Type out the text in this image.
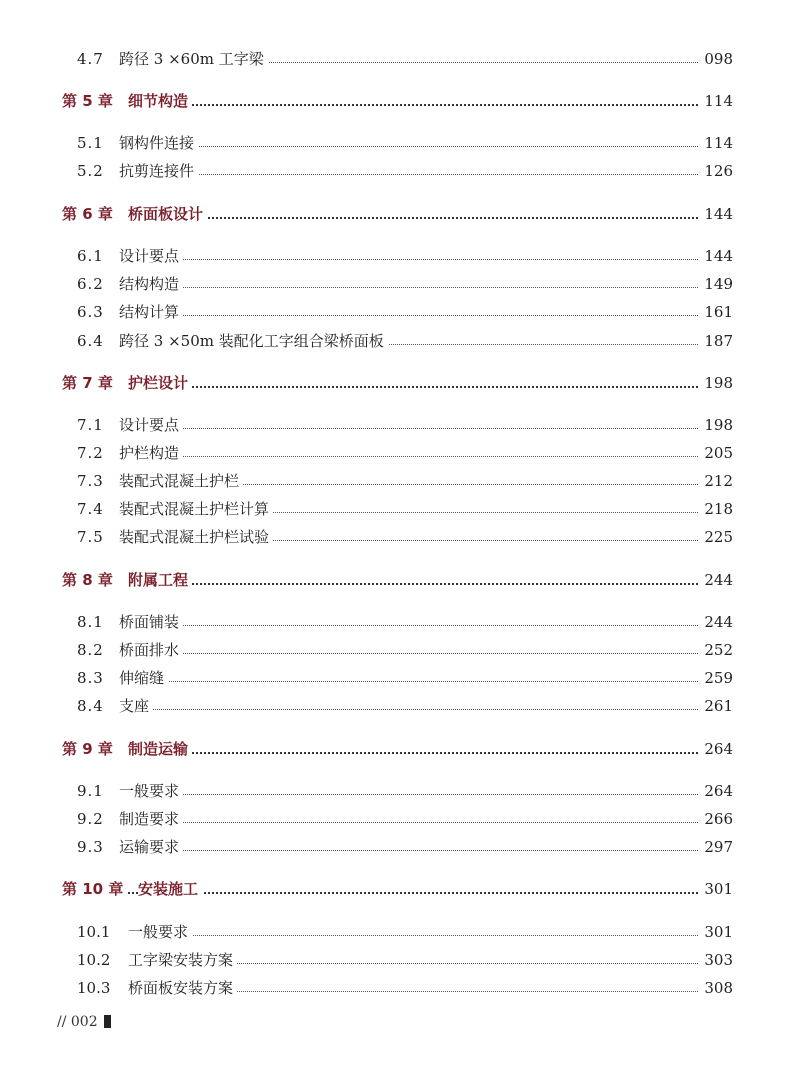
4.7 跨径 3 ×60m 工字梁	098
第 5 章 细节构造	114
5.1 钢构件连接	114
5.2 抗剪连接件	126
第 6 章 桥面板设计	144
6.1 设计要点	144
6.2 结构构造	149
6.3 结构计算	161
6.4 跨径 3 ×50m 装配化工字组合梁桥面板	187
第 7 章 护栏设计	198
7.1 设计要点	198
7.2 护栏构造	205
7.3 装配式混凝土护栏	212
7.4 装配式混凝土护栏计算	218
7.5 装配式混凝土护栏试验	225
第 8 章 附属工程	244
8.1 桥面铺装	244
8.2 桥面排水	252
8.3 伸缩缝	259
8.4 支座	261
第 9 章 制造运输	264
9.1 一般要求	264
9.2 制造要求	266
9.3 运输要求	297
第 10 章 安装施工	301
10.1 一般要求	301
10.2 工字梁安装方案	303
10.3 桥面板安装方案	308
// 002
